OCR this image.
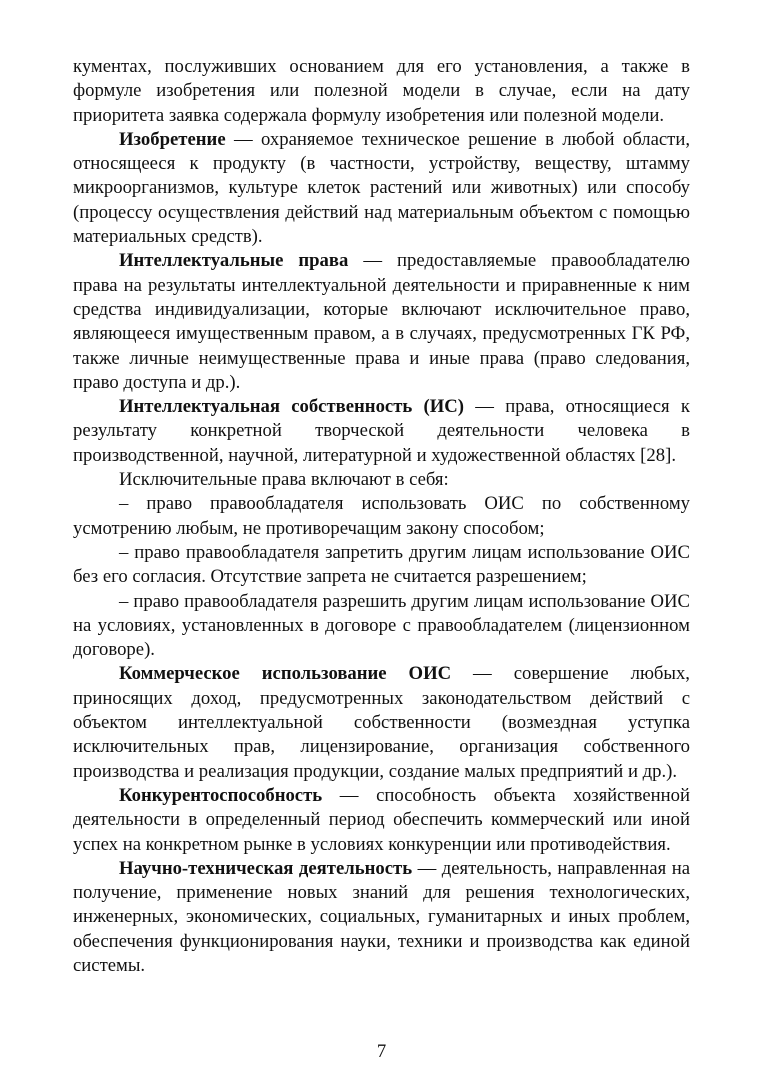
кументах, послуживших основанием для его установления, а также в формуле изобретения или полезной модели в случае, если на дату приоритета заявка содержала формулу изобретения или полезной модели.

Изобретение — охраняемое техническое решение в любой области, относящееся к продукту (в частности, устройству, веществу, штамму микроорганизмов, культуре клеток растений или животных) или способу (процессу осуществления действий над материальным объектом с помощью материальных средств).

Интеллектуальные права — предоставляемые правообладателю права на результаты интеллектуальной деятельности и приравненные к ним средства индивидуализации, которые включают исключительное право, являющееся имущественным правом, а в случаях, предусмотренных ГК РФ, также личные неимущественные права и иные права (право следования, право доступа и др.).

Интеллектуальная собственность (ИС) — права, относящиеся к результату конкретной творческой деятельности человека в производственной, научной, литературной и художественной областях [28].

Исключительные права включают в себя:

– право правообладателя использовать ОИС по собственному усмотрению любым, не противоречащим закону способом;

– право правообладателя запретить другим лицам использование ОИС без его согласия. Отсутствие запрета не считается разрешением;

– право правообладателя разрешить другим лицам использование ОИС на условиях, установленных в договоре с правообладателем (лицензионном договоре).

Коммерческое использование ОИС — совершение любых, приносящих доход, предусмотренных законодательством действий с объектом интеллектуальной собственности (возмездная уступка исключительных прав, лицензирование, организация собственного производства и реализация продукции, создание малых предприятий и др.).

Конкурентоспособность — способность объекта хозяйственной деятельности в определенный период обеспечить коммерческий или иной успех на конкретном рынке в условиях конкуренции или противодействия.

Научно-техническая деятельность — деятельность, направленная на получение, применение новых знаний для решения технологических, инженерных, экономических, социальных, гуманитарных и иных проблем, обеспечения функционирования науки, техники и производства как единой системы.

7
